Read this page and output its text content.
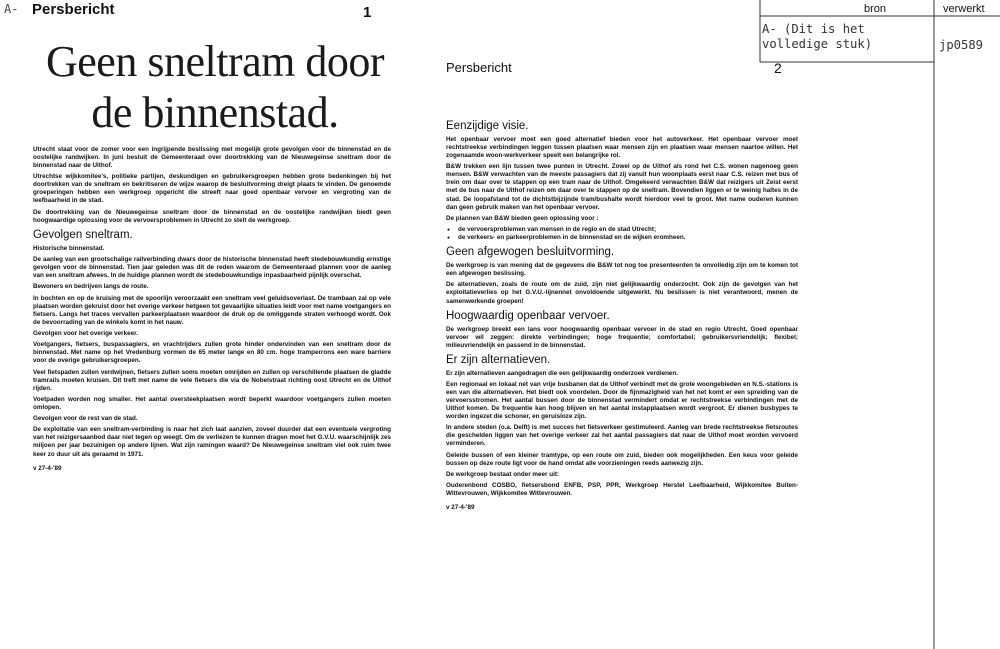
bron	verwerkt
A- (Dit is het volledige stuk)	jp0589
A- Persbericht	1
Geen sneltram door
de binnenstad.

Utrecht staat voor de zomer voor een ingrijpende beslissing met mogelijk grote gevolgen voor de binnenstad en de oostelijke randwijken. In juni besluit de Gemeenteraad over doortrekking van de Nieuwegeinse sneltram door de binnenstad naar de Uithof.

Utrechtse wijkkomitee's, politieke partijen, deskundigen en gebruikersgroepen hebben grote bedenkingen bij het doortrekken van de sneltram en bekritiseren de wijze waarop de besluitvorming dreigt plaats te vinden. De genoemde groeperingen hebben een werkgroep opgericht die streeft naar goed openbaar vervoer en vergroting van de leefbaarheid in de stad.

De doortrekking van de Nieuwegeinse sneltram door de binnenstad en de oostelijke randwijken biedt geen hoogwaardige oplossing voor de vervoersproblemen in Utrecht zo stelt de werkgroep.

Gevolgen sneltram.

Historische binnenstad.

De aanleg van een grootschalige railverbinding dwars door de historische binnenstad heeft stedebouwkundig ernstige gevolgen voor de binnenstad. Tien jaar geleden was dit de reden waarom de Gemeenteraad plannen voor de aanleg van een sneltram afwees. In de huidige plannen wordt de stedebouwkundige inpasbaarheid pijnlijk overschat.

Bewoners en bedrijven langs de route.

In bochten en op de kruising met de spoorlijn veroorzaakt een sneltram veel geluidsoverlast. De trambaan zal op vele plaatsen worden gekruist door het overige verkeer hetgeen tot gevaarlijke situaties leidt voor met name voetgangers en fietsers. Langs het traces vervallen parkeerplaatsen waardoor de druk op de omliggende straten verhoogd wordt. Ook de bevoorrading van de winkels komt in het nauw.

Gevolgen voor het overige verkeer.

Voetgangers, fietsers, buspassagiers, en vrachtrijders zullen grote hinder ondervinden van een sneltram door de binnenstad. Met name op het Vredenburg vormen de 65 meter lange en 80 cm. hoge tramperrons een ware barriere voor de overige gebruikersgroepen.

Veel fietspaden zullen verdwijnen, fietsers zullen soms moeten omrijden en zullen op verschillende plaatsen de gladde tramrails moeten kruisen. Dit treft met name de vele fietsers die via de Nobelstraat richting oost Utrecht en de Uithof rijden.

Voetpaden worden nog smaller. Het aantal oversteekplaatsen wordt beperkt waardoor voetgangers zullen moeten omlopen.

Gevolgen voor de rest van de stad.

De exploitatie van een sneltram-verbinding is naar het zich laat aanzien, zoveel duurder dat een eventuele vergroting van het reizigersaanbod daar niet tegen op weegt. Om de verliezen te kunnen dragen moet het G.V.U. waarschijnlijk zes miljoen per jaar bezuinigen op andere lijnen. Wat zijn ramingen waard? De Nieuwegeinse sneltram viel ook ruim twee keer zo duur uit als geraamd in 1971.

v 27-4-'89

Persbericht	2
Eenzijdige visie.

Het openbaar vervoer moet een goed alternatief bieden voor het autoverkeer. Het openbaar vervoer moet rechtstreekse verbindingen leggen tussen plaatsen waar mensen zijn en plaatsen waar mensen naartoe willen. Het zogenaamde woon-werkverkeer speelt een belangrijke rol.

B&W trekken een lijn tussen twee punten in Utrecht. Zowel op de Uithof als rond het C.S. wonen nagenoeg geen mensen. B&W verwachten van de meeste passagiers dat zij vanuit hun woonplaats eerst naar C.S. reizen met bus of trein om daar over te stappen op een tram naar de Uithof. Omgekeerd verwachten B&W dat reizigers uit Zeist eerst met de bus naar de Uithof reizen om daar over te stappen op de sneltram. Bovendien liggen er te weinig haltes in de stad. De loopafstand tot de dichtstbijzijnde tram/bushalte wordt hierdoor veel te groot. Met name ouderen kunnen dan geen gebruik maken van het openbaar vervoer.

De plannen van B&W bieden geen oplossing voor :

● de vervoersproblemen van mensen in de regio en de stad Utrecht;
● de verkeers- en parkeerproblemen in de binnenstad en de wijken eromheen.
Geen afgewogen besluitvorming.

De werkgroep is van mening dat de gegevens die B&W tot nog toe presenteerden te onvolledig zijn om te komen tot een afgewogen beslissing.

De alternatieven, zoals de route om de zuid, zijn niet gelijkwaardig onderzocht. Ook zijn de gevolgen van het exploitatieverlies op het G.V.U.-lijnennet onvoldoende uitgewerkt. Nu beslissen is niet verantwoord, menen de samenwerkende groepen!

Hoogwaardig openbaar vervoer.

De werkgroep breekt een lans voor hoogwaardig openbaar vervoer in de stad en regio Utrecht. Goed openbaar vervoer wil zeggen: direkte verbindingen; hoge frequentie; comfortabel; gebruikersvriendelijk; flexibel; milieuvriendelijk en passend in de binnenstad.

Er zijn alternatieven.

Er zijn alternatieven aangedragen die een gelijkwaardig onderzoek verdienen.

Een regionaal en lokaal net van vrije busbanen dat de Uithof verbindt met de grote woongebieden en N.S.-stations is een van die alternatieven. Het biedt ook voordelen. Door de fijnmazigheid van het net komt er een spreiding van de vervoersstromen. Het aantal bussen door de binnenstad vermindert omdat er rechtstreekse verbindingen met de Uithof komen. De frequentie kan hoog blijven en het aantal instapplaatsen wordt vergroot. Er dienen busbypes te worden ingezet die schoner, en geruisloze zijn.

In andere steden (o.a. Delft) is met succes het fietsverkeer gestimuleerd. Aanleg van brede rechtstreekse fietsroutes die geschelden liggen van het overige verkeer zal het aantal passagiers dat naar de Uithof moet worden vervoerd verminderen.

Geleide bussen of een kleiner tramtype, op een route om zuid, bieden ook mogelijkheden. Een keus voor geleide bussen op deze route ligt voor de hand omdat alle voorzieningen reeds aanwezig zijn.

De werkgroep bestaat onder meer uit:

Ouderenbond COSBO, fietsersbond ENFB, PSP, PPR, Werkgroep Herstel Leefbaarheid, Wijkkomitee Buiten-Wittevrouwen, Wijkkomitee Wittevrouwen.

v 27-4-'89
